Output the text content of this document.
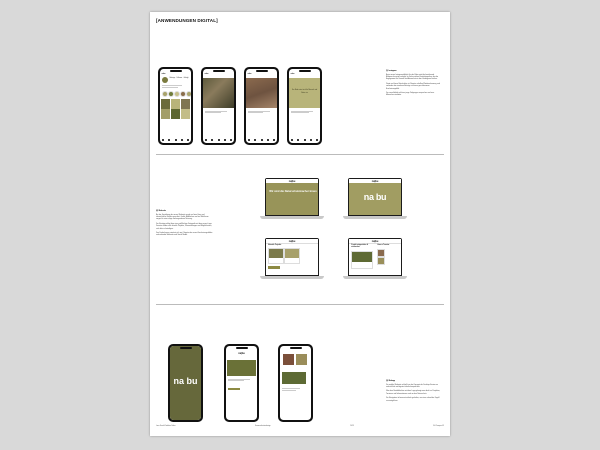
[ANWENDUNGEN DIGITAL]
nabu
Beiträge Follower Gefolgt
nabu	nabu	nabu
Der Nabu setzt sich für Mensch und Natur ein
(1) Instagram
Beim neuen Instagram-Auftritt für den Nabu wird die bestehende Bildsprache weiter verfolgt. Im Fokus stehen Naturfotografien, die das Engagement für Umwelt und Artenschutz in den Vordergrund rücken.
Zitate und kurze Botschaften in Olivgrün schaffen Wiedererkennung und verbinden die einzelnen Beiträge zu einem geschlossenen Erscheinungsbild.
Der neue Auftritt soll eine junge Zielgruppe ansprechen und zum Mitmachen einladen.
(2) Webseite
Bei der Gestaltung der neuen Webseite wurde auf eine klare und übersichtliche Struktur geachtet. Große Bildflächen und viel Weißraum sorgen für eine ruhige und angenehme Nutzung.
Der Einstieg erfolgt über eine großflächige Fotografie mit dem neuen Logo. Darunter finden sich aktuelle Projekte, Veranstaltungen und Möglichkeiten, sich aktiv zu beteiligen.
Das Farbschema orientiert sich am Olivgrün des neuen Erscheinungsbildes und verbindet Webseite und Social Media.
na|bu
Wir sind die Naturschutzmacher:innen
na|bu
na bu
na|bu
Aktuelle Projekte
na|bu
Projekt mitgestalten & mitmachen
Unsere Termine
na bu
na|bu
(3) Webapp
Die mobile Webseite schließt an das Konzept der Desktop-Version an und stellt die wichtigsten Inhalte kompakt dar.
Über den Startbildschirm mit dem Logo gelangt man direkt zu Projekten, Terminen und Informationen rund um den Naturschutz.
Die Navigation ist bewusst einfach gehalten, um einen schnellen Zugriff zu ermöglichen.
Lena Sarah Riedlerin Sailer	Kommunikationdesign	2023	FH Campus 02
